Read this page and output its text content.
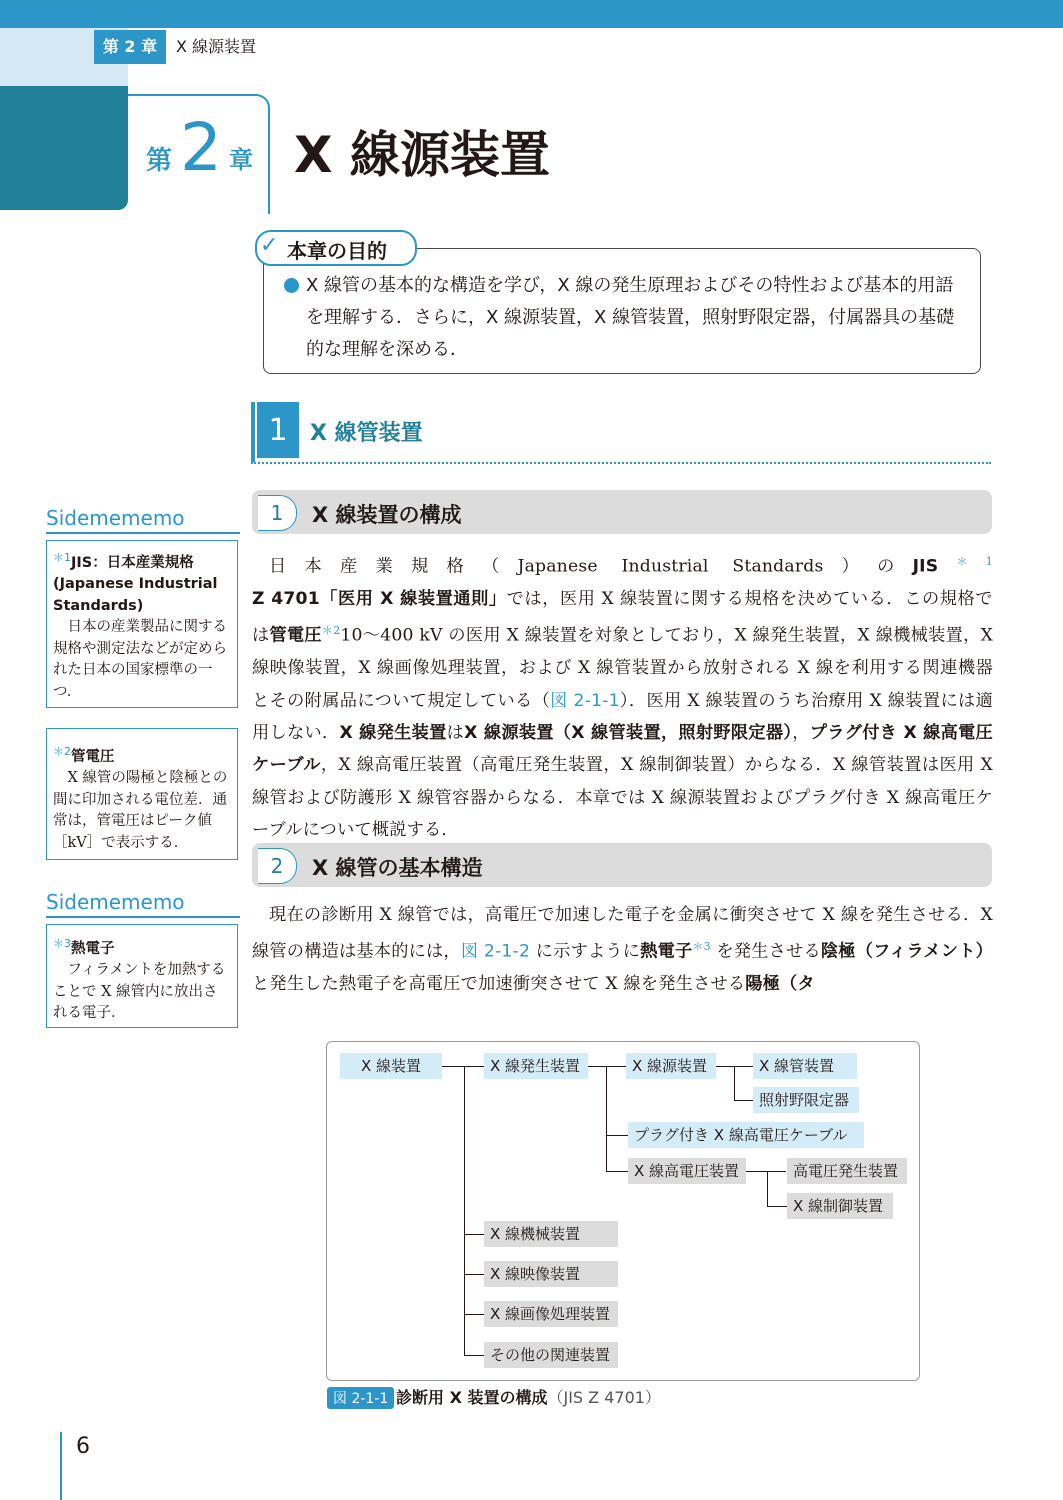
第 2 章	X 線源装置
第 2 章 X 線源装置
✓ 本章の目的
X 線管の基本的な構造を学び，X 線の発生原理およびその特性および基本的用語を理解する．さらに，X 線源装置，X 線管装置，照射野限定器，付属器具の基礎的な理解を深める．
1	X 線管装置
1	X 線装置の構成
日本産業規格（Japanese Industrial Standards）の$JIS^{*1}$ Z 4701「医用 X 線装置通則」では，医用 X 線装置に関する規格を決めている．この規格では管電圧$^{*2}$10〜400 kV の医用 X 線装置を対象としており，X 線発生装置，X 線機械装置，X 線映像装置，X 線画像処理装置，および X 線管装置から放射される X 線を利用する関連機器とその附属品について規定している（図 2-1-1）．医用 X 線装置のうち治療用 X 線装置には適用しない．X 線発生装置はX 線源装置（X 線管装置，照射野限定器），プラグ付き X 線高電圧ケーブル，X 線高電圧装置（高電圧発生装置，X 線制御装置）からなる．X 線管装置は医用 X 線管および防護形 X 線管容器からなる．本章では X 線源装置およびプラグ付き X 線高電圧ケーブルについて概説する．
2	X 線管の基本構造
現在の診断用 X 線管では，高電圧で加速した電子を金属に衝突させて X 線を発生させる．X 線管の構造は基本的には，図 2-1-2 に示すように熱電子$^{*3}$ を発生させる陰極（フィラメント）と発生した熱電子を高電圧で加速衝突させて X 線を発生させる陽極（タ
Sidemememo
$^{*1}$JIS：日本産業規格 (Japanese Industrial Standards)
日本の産業製品に関する規格や測定法などが定められた日本の国家標準の一つ．
$^{*2}$管電圧
X 線管の陽極と陰極との間に印加される電位差．通常は，管電圧はピーク値［kV］で表示する．
Sidemememo
$^{*3}$熱電子
フィラメントを加熱することで X 線管内に放出される電子．
X 線装置	X 線発生装置	X 線源装置	X 線管装置
照射野限定器
プラグ付き X 線高電圧ケーブル
X 線高電圧装置	高電圧発生装置
X 線制御装置
X 線機械装置
X 線映像装置
X 線画像処理装置
その他の関連装置
図 2-1-1 診断用 X 装置の構成（JIS Z 4701）
6
